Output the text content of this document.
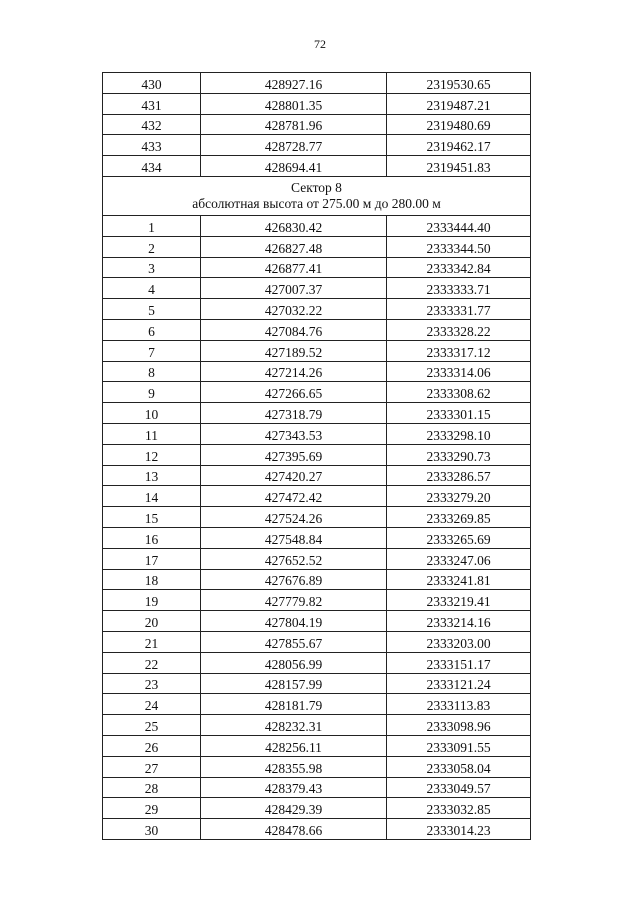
72
430	428927.16	2319530.65
431	428801.35	2319487.21
432	428781.96	2319480.69
433	428728.77	2319462.17
434	428694.41	2319451.83

Сектор 8
абсолютная высота от 275.00 м до 280.00 м		

1	426830.42	2333444.40
2	426827.48	2333344.50
3	426877.41	2333342.84
4	427007.37	2333333.71
5	427032.22	2333331.77
6	427084.76	2333328.22
7	427189.52	2333317.12
8	427214.26	2333314.06
9	427266.65	2333308.62
10	427318.79	2333301.15
11	427343.53	2333298.10
12	427395.69	2333290.73
13	427420.27	2333286.57
14	427472.42	2333279.20
15	427524.26	2333269.85
16	427548.84	2333265.69
17	427652.52	2333247.06
18	427676.89	2333241.81
19	427779.82	2333219.41
20	427804.19	2333214.16
21	427855.67	2333203.00
22	428056.99	2333151.17
23	428157.99	2333121.24
24	428181.79	2333113.83
25	428232.31	2333098.96
26	428256.11	2333091.55
27	428355.98	2333058.04
28	428379.43	2333049.57
29	428429.39	2333032.85
30	428478.66	2333014.23
